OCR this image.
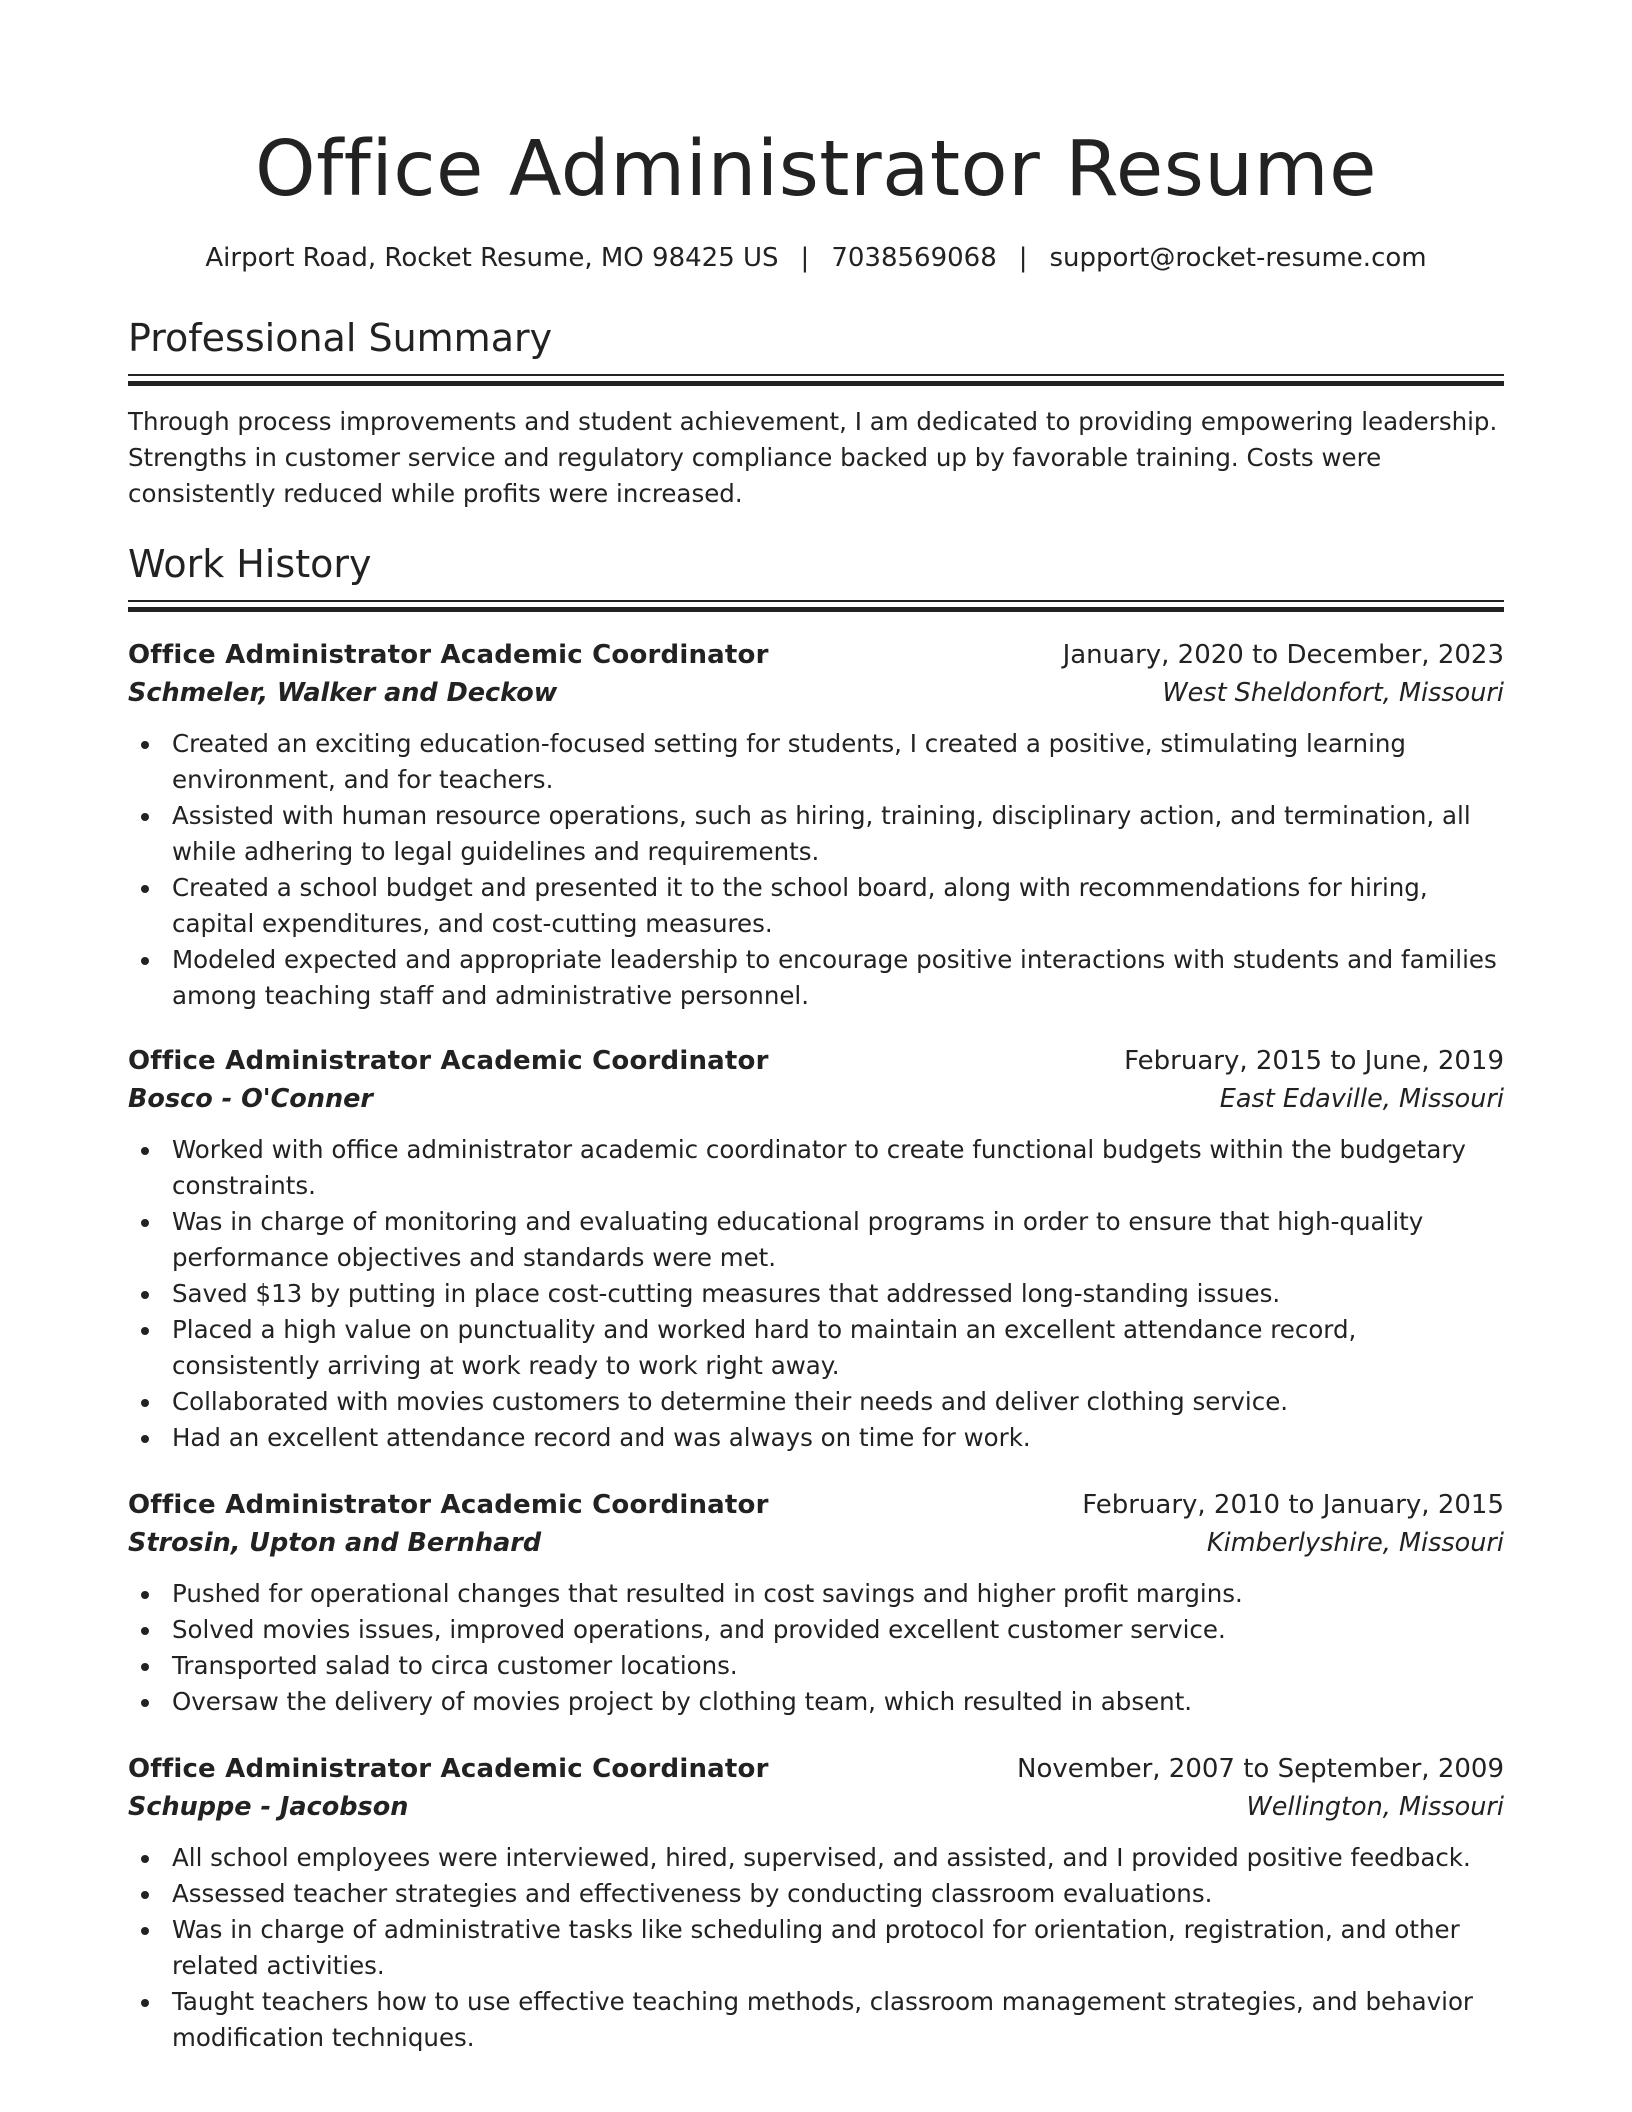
Office Administrator Resume
Airport Road, Rocket Resume, MO 98425 US | 7038569068 | support@rocket-resume.com
Professional Summary

Through process improvements and student achievement, I am dedicated to providing empowering leadership. Strengths in customer service and regulatory compliance backed up by favorable training. Costs were consistently reduced while profits were increased.

Work History
Office Administrator Academic Coordinator	January, 2020 to December, 2023
Schmeler, Walker and Deckow	West Sheldonfort, Missouri
Created an exciting education-focused setting for students, I created a positive, stimulating learning environment, and for teachers.
Assisted with human resource operations, such as hiring, training, disciplinary action, and termination, all while adhering to legal guidelines and requirements.
Created a school budget and presented it to the school board, along with recommendations for hiring, capital expenditures, and cost-cutting measures.
Modeled expected and appropriate leadership to encourage positive interactions with students and families among teaching staff and administrative personnel.
Office Administrator Academic Coordinator	February, 2015 to June, 2019
Bosco - O'Conner	East Edaville, Missouri
Worked with office administrator academic coordinator to create functional budgets within the budgetary constraints.
Was in charge of monitoring and evaluating educational programs in order to ensure that high-quality performance objectives and standards were met.
Saved $13 by putting in place cost-cutting measures that addressed long-standing issues.
Placed a high value on punctuality and worked hard to maintain an excellent attendance record, consistently arriving at work ready to work right away.
Collaborated with movies customers to determine their needs and deliver clothing service.
Had an excellent attendance record and was always on time for work.
Office Administrator Academic Coordinator	February, 2010 to January, 2015
Strosin, Upton and Bernhard	Kimberlyshire, Missouri
Pushed for operational changes that resulted in cost savings and higher profit margins.
Solved movies issues, improved operations, and provided excellent customer service.
Transported salad to circa customer locations.
Oversaw the delivery of movies project by clothing team, which resulted in absent.
Office Administrator Academic Coordinator	November, 2007 to September, 2009
Schuppe - Jacobson	Wellington, Missouri
All school employees were interviewed, hired, supervised, and assisted, and I provided positive feedback.
Assessed teacher strategies and effectiveness by conducting classroom evaluations.
Was in charge of administrative tasks like scheduling and protocol for orientation, registration, and other related activities.
Taught teachers how to use effective teaching methods, classroom management strategies, and behavior modification techniques.
